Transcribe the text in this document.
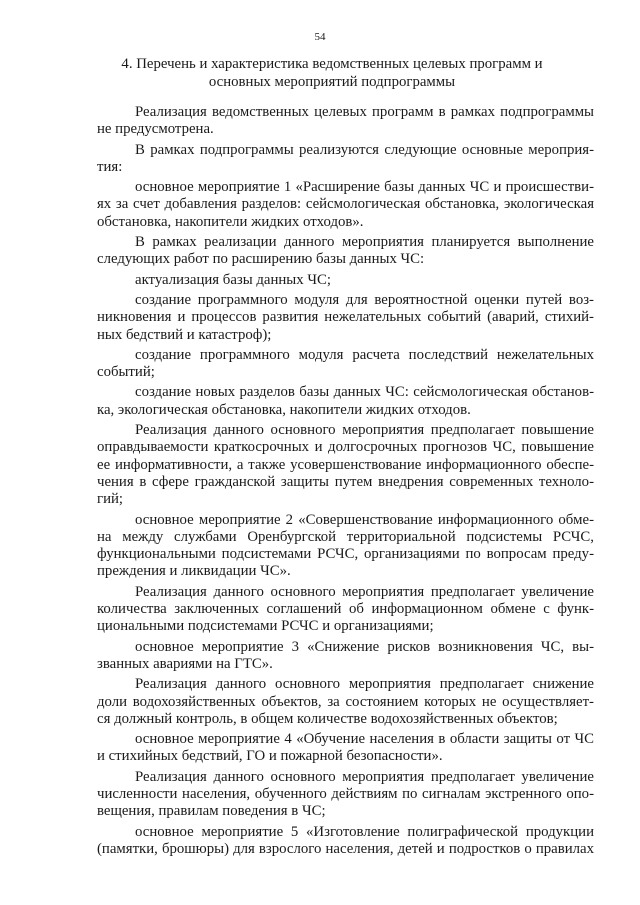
54
4. Перечень и характеристика ведомственных целевых программ и
основных мероприятий подпрограммы
Реализация ведомственных целевых программ в рамках подпрограммы
не предусмотрена.
В рамках подпрограммы реализуются следующие основные мероприя-
тия:
основное мероприятие 1 «Расширение базы данных ЧС и происшестви-
ях за счет добавления разделов: сейсмологическая обстановка, экологическая
обстановка, накопители жидких отходов».
В рамках реализации данного мероприятия планируется выполнение
следующих работ по расширению базы данных ЧС:
актуализация базы данных ЧС;
создание программного модуля для вероятностной оценки путей воз-
никновения и процессов развития нежелательных событий (аварий, стихий-
ных бедствий и катастроф);
создание программного модуля расчета последствий нежелательных
событий;
создание новых разделов базы данных ЧС: сейсмологическая обстанов-
ка, экологическая обстановка, накопители жидких отходов.
Реализация данного основного мероприятия предполагает повышение
оправдываемости краткосрочных и долгосрочных прогнозов ЧС, повышение
ее информативности, а также усовершенствование информационного обеспе-
чения в сфере гражданской защиты путем внедрения современных техноло-
гий;
основное мероприятие 2 «Совершенствование информационного обме-
на между службами Оренбургской территориальной подсистемы РСЧС,
функциональными подсистемами РСЧС, организациями по вопросам преду-
преждения и ликвидации ЧС».
Реализация данного основного мероприятия предполагает увеличение
количества заключенных соглашений об информационном обмене с функ-
циональными подсистемами РСЧС и организациями;
основное мероприятие 3 «Снижение рисков возникновения ЧС, вы-
званных авариями на ГТС».
Реализация данного основного мероприятия предполагает снижение
доли водохозяйственных объектов, за состоянием которых не осуществляет-
ся должный контроль, в общем количестве водохозяйственных объектов;
основное мероприятие 4 «Обучение населения в области защиты от ЧС
и стихийных бедствий, ГО и пожарной безопасности».
Реализация данного основного мероприятия предполагает увеличение
численности населения, обученного действиям по сигналам экстренного опо-
вещения, правилам поведения в ЧС;
основное мероприятие 5 «Изготовление полиграфической продукции
(памятки, брошюры) для взрослого населения, детей и подростков о правилах
